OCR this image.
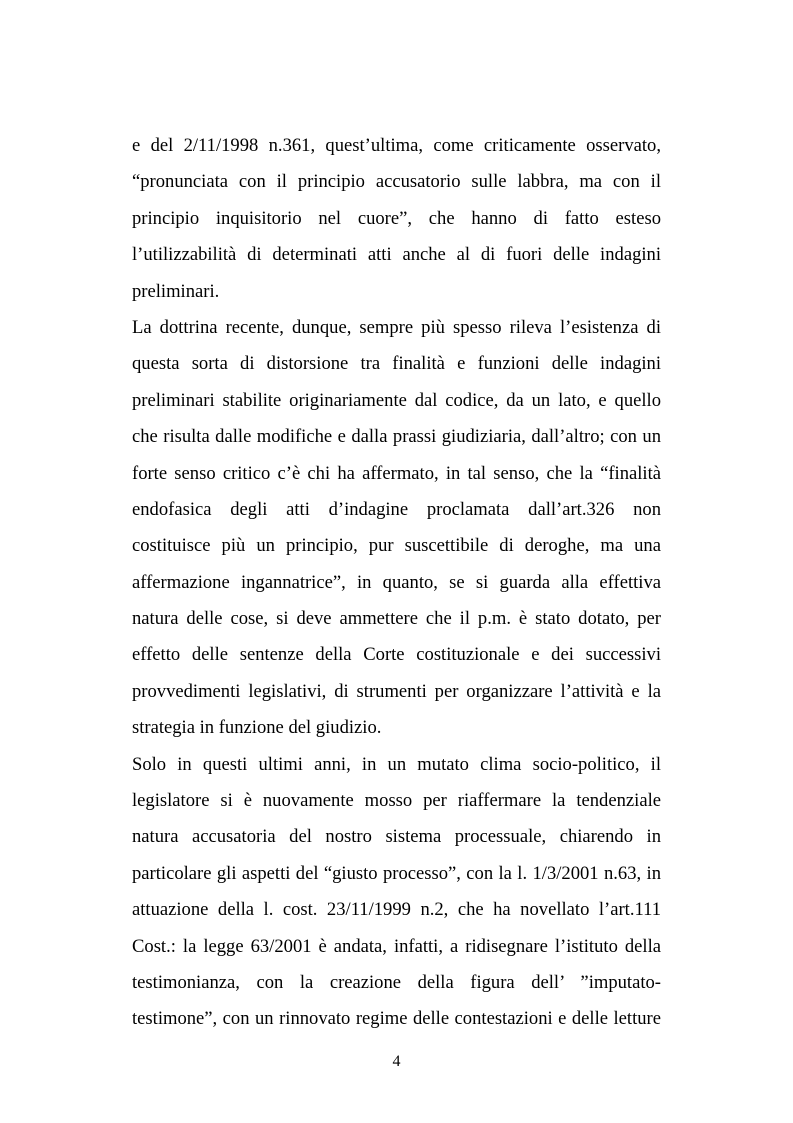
e del 2/11/1998 n.361, quest’ultima, come criticamente osservato,
“pronunciata con il principio accusatorio sulle labbra, ma con il
principio inquisitorio nel cuore”, che hanno di fatto esteso
l’utilizzabilità di determinati atti anche al di fuori delle indagini
preliminari.

La dottrina recente, dunque, sempre più spesso rileva l’esistenza di
questa sorta di distorsione tra finalità e funzioni delle indagini
preliminari stabilite originariamente dal codice, da un lato, e quello
che risulta dalle modifiche e dalla prassi giudiziaria, dall’altro; con un
forte senso critico c’è chi ha affermato, in tal senso, che la “finalità
endofasica degli atti d’indagine proclamata dall’art.326 non
costituisce più un principio, pur suscettibile di deroghe, ma una
affermazione ingannatrice”, in quanto, se si guarda alla effettiva
natura delle cose, si deve ammettere che il p.m. è stato dotato, per
effetto delle sentenze della Corte costituzionale e dei successivi
provvedimenti legislativi, di strumenti per organizzare l’attività e la
strategia in funzione del giudizio.

Solo in questi ultimi anni, in un mutato clima socio-politico, il
legislatore si è nuovamente mosso per riaffermare la tendenziale
natura accusatoria del nostro sistema processuale, chiarendo in
particolare gli aspetti del “giusto processo”, con la l. 1/3/2001 n.63, in
attuazione della l. cost. 23/11/1999 n.2, che ha novellato l’art.111
Cost.: la legge 63/2001 è andata, infatti, a ridisegnare l’istituto della
testimonianza, con la creazione della figura dell’ ”imputato-
testimone”, con un rinnovato regime delle contestazioni e delle letture

4
